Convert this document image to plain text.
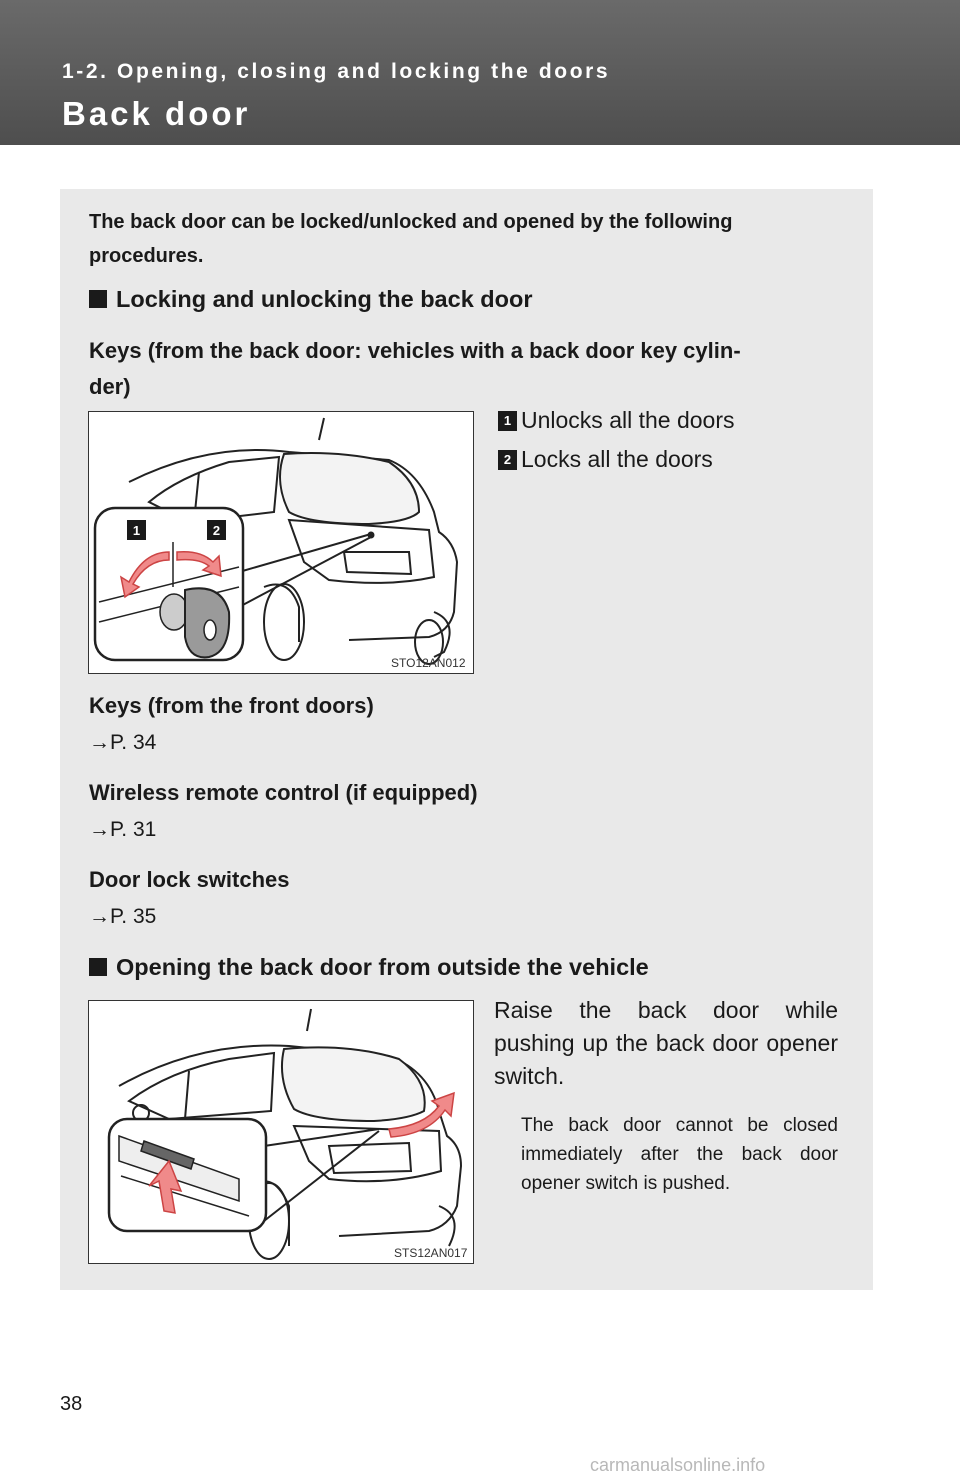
1-2. Opening, closing and locking the doors
Back door

The back door can be locked/unlocked and opened by the following procedures.

Locking and unlocking the back door
Keys (from the back door: vehicles with a back door key cylin-
der)
1	2
STO12AN012
1 Unlocks all the doors
2 Locks all the doors
Keys (from the front doors)
→P. 34
Wireless remote control (if equipped)
→P. 31
Door lock switches
→P. 35
Opening the back door from outside the vehicle
STS12AN017

Raise the back door while pushing up the back door opener switch.

The back door cannot be closed immediately after the back door opener switch is pushed.

38
carmanualsonline.info
